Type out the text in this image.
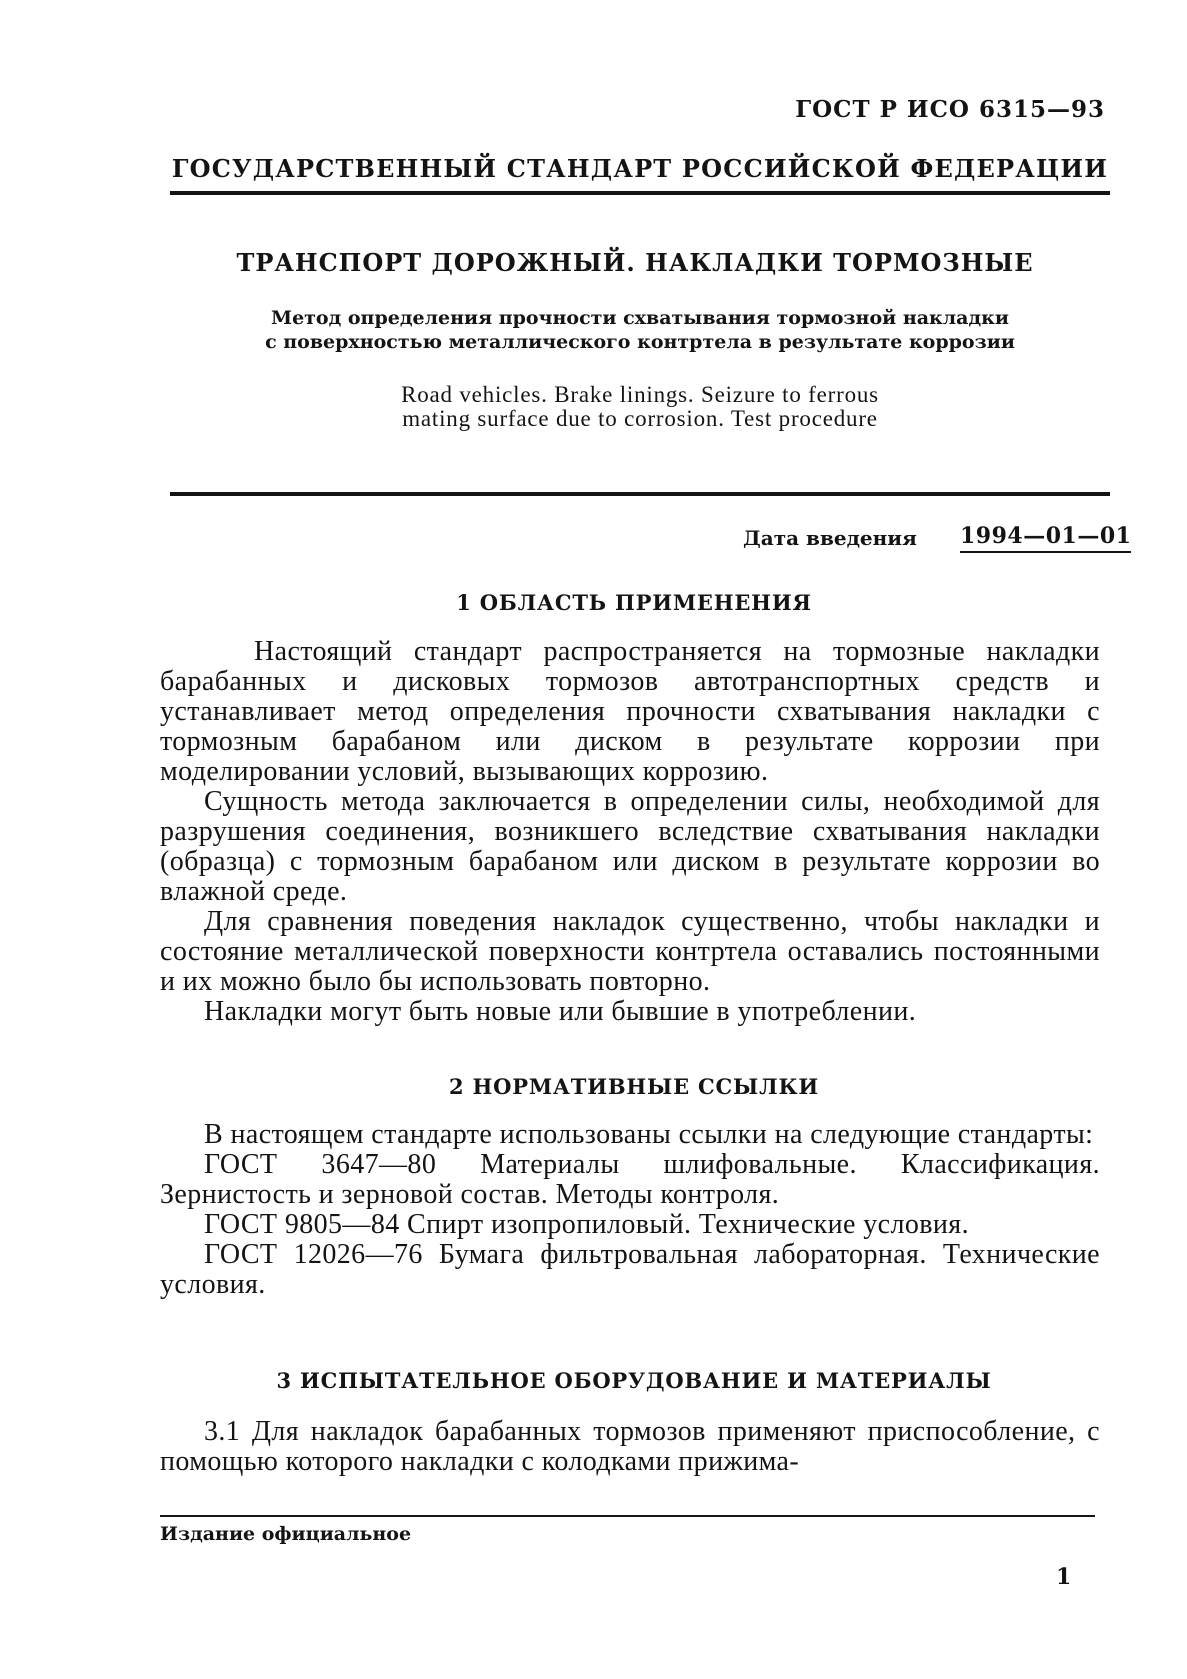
ГОСТ Р ИСО 6315—93
ГОСУДАРСТВЕННЫЙ СТАНДАРТ РОССИЙСКОЙ ФЕДЕРАЦИИ
ТРАНСПОРТ ДОРОЖНЫЙ. НАКЛАДКИ ТОРМОЗНЫЕ
Метод определения прочности схватывания тормозной накладки
с поверхностью металлического контртела в результате коррозии
Road vehicles. Brake linings. Seizure to ferrous
mating surface due to corrosion. Test procedure
Дата введения 1994—01—01
1 ОБЛАСТЬ ПРИМЕНЕНИЯ

Настоящий стандарт распространяется на тормозные накладки барабанных и дисковых тормозов автотранспортных средств и устанавливает метод определения прочности схватывания накладки с тормозным барабаном или диском в результате коррозии при моделировании условий, вызывающих коррозию.

Сущность метода заключается в определении силы, необходимой для разрушения соединения, возникшего вследствие схватывания накладки (образца) с тормозным барабаном или диском в результате коррозии во влажной среде.

Для сравнения поведения накладок существенно, чтобы накладки и состояние металлической поверхности контртела оставались постоянными и их можно было бы использовать повторно.

Накладки могут быть новые или бывшие в употреблении.

2 НОРМАТИВНЫЕ ССЫЛКИ

В настоящем стандарте использованы ссылки на следующие стандарты:

ГОСТ 3647—80 Материалы шлифовальные. Классификация. Зернистость и зерновой состав. Методы контроля.

ГОСТ 9805—84 Спирт изопропиловый. Технические условия.

ГОСТ 12026—76 Бумага фильтровальная лабораторная. Технические условия.

3 ИСПЫТАТЕЛЬНОЕ ОБОРУДОВАНИЕ И МАТЕРИАЛЫ

3.1 Для накладок барабанных тормозов применяют приспособление, с помощью которого накладки с колодками прижима-

Издание официальное
1
